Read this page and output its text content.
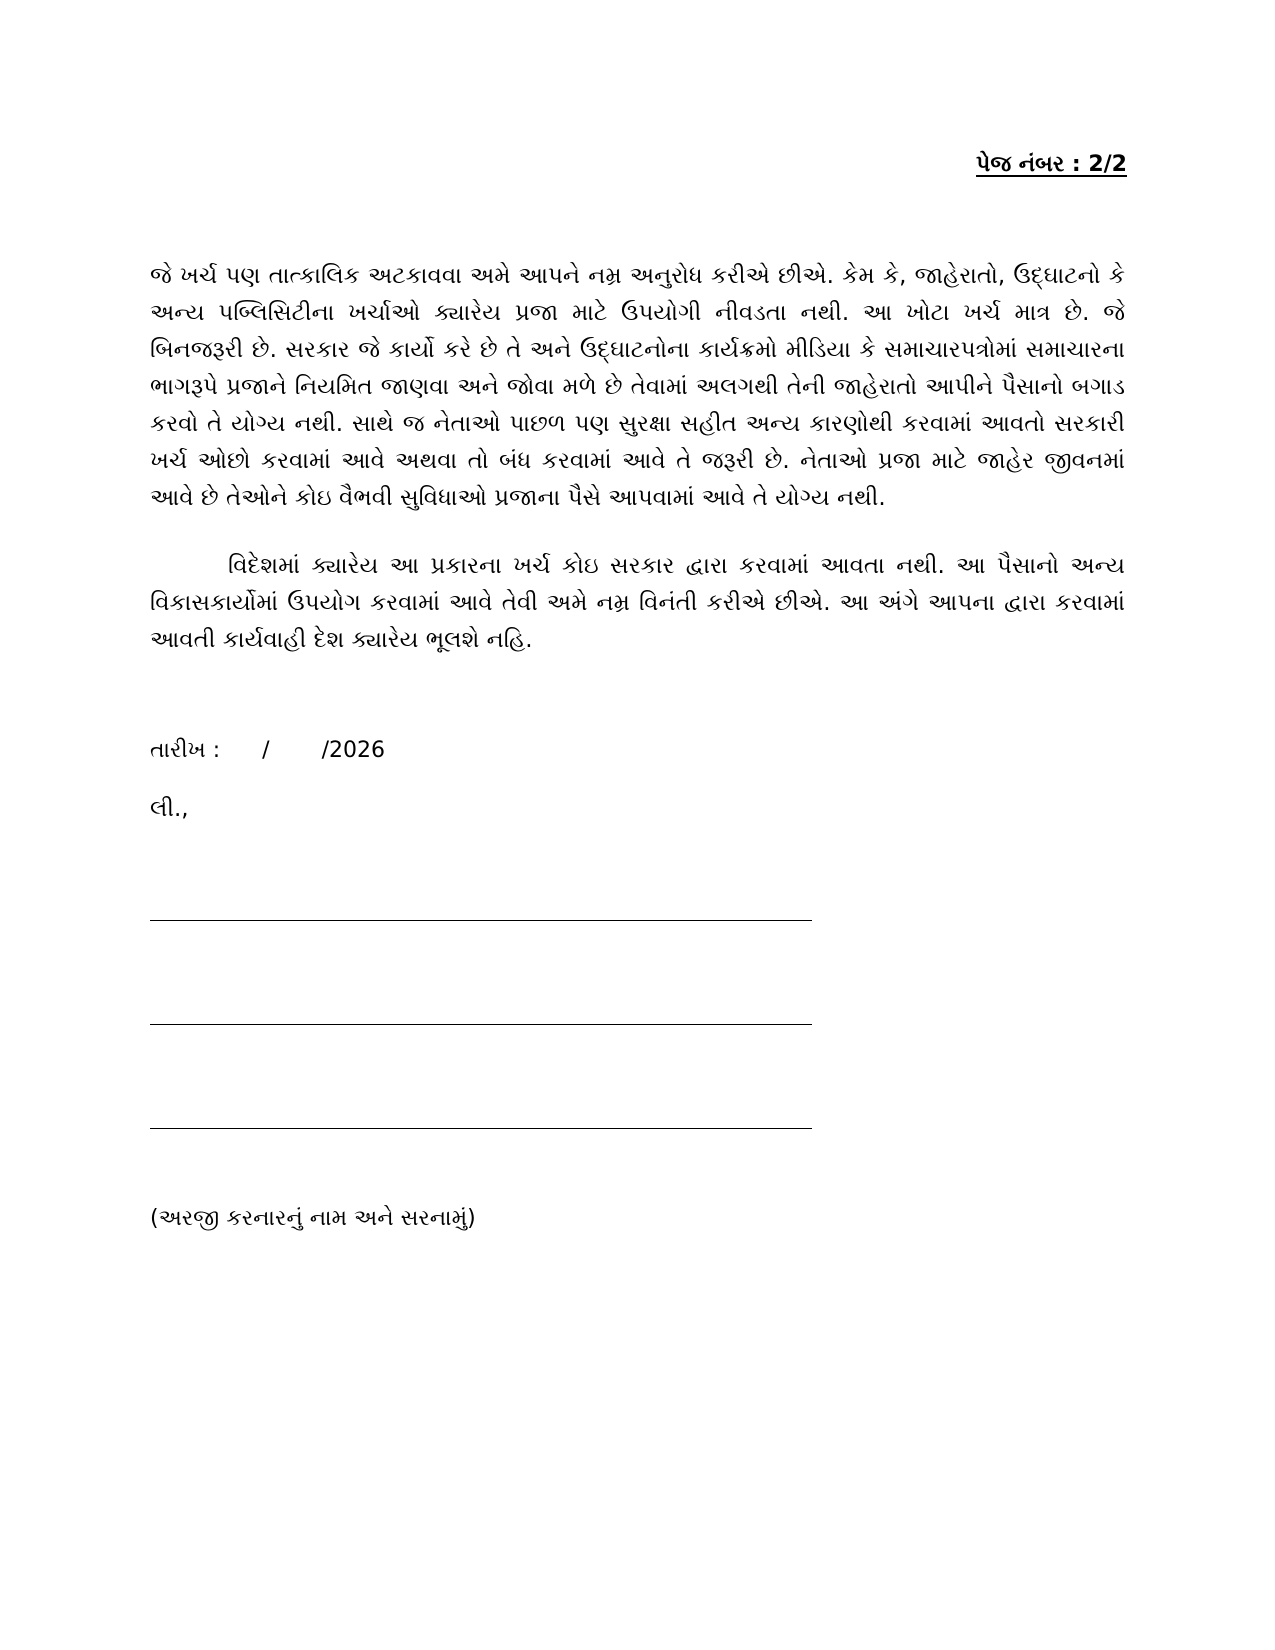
પેજ નંબર : 2/2

જે ખર્ચ પણ તાત્કાલિક અટકાવવા અમે આપને નમ્ર અનુરોધ કરીએ છીએ. કેમ કે, જાહેરાતો, ઉદ્ઘાટનો કે અન્ય પબ્લિસિટીના ખર્ચાઓ ક્યારેય પ્રજા માટે ઉપયોગી નીવડતા નથી. આ ખોટા ખર્ચ માત્ર છે. જે બિનજરૂરી છે. સરકાર જે કાર્યો કરે છે તે અને ઉદ્ઘાટનોના કાર્યક્રમો મીડિયા કે સમાચારપત્રોમાં સમાચારના ભાગરૂપે પ્રજાને નિયમિત જાણવા અને જોવા મળે છે તેવામાં અલગથી તેની જાહેરાતો આપીને પૈસાનો બગાડ કરવો તે યોગ્ય નથી. સાથે જ નેતાઓ પાછળ પણ સુરક્ષા સહીત અન્ય કારણોથી કરવામાં આવતો સરકારી ખર્ચ ઓછો કરવામાં આવે અથવા તો બંધ કરવામાં આવે તે જરૂરી છે. નેતાઓ પ્રજા માટે જાહેર જીવનમાં આવે છે તેઓને કોઇ વૈભવી સુવિધાઓ પ્રજાના પૈસે આપવામાં આવે તે યોગ્ય નથી.

વિદેશમાં ક્યારેય આ પ્રકારના ખર્ચ કોઇ સરકાર દ્વારા કરવામાં આવતા નથી. આ પૈસાનો અન્ય વિકાસકાર્યોમાં ઉપયોગ કરવામાં આવે તેવી અમે નમ્ર વિનંતી કરીએ છીએ. આ અંગે આપના દ્વારા કરવામાં આવતી કાર્યવાહી દેશ ક્યારેય ભૂલશે નહિ.

તારીખ : / /2026
લી.,
(અરજી કરનારનું નામ અને સરનામું)
